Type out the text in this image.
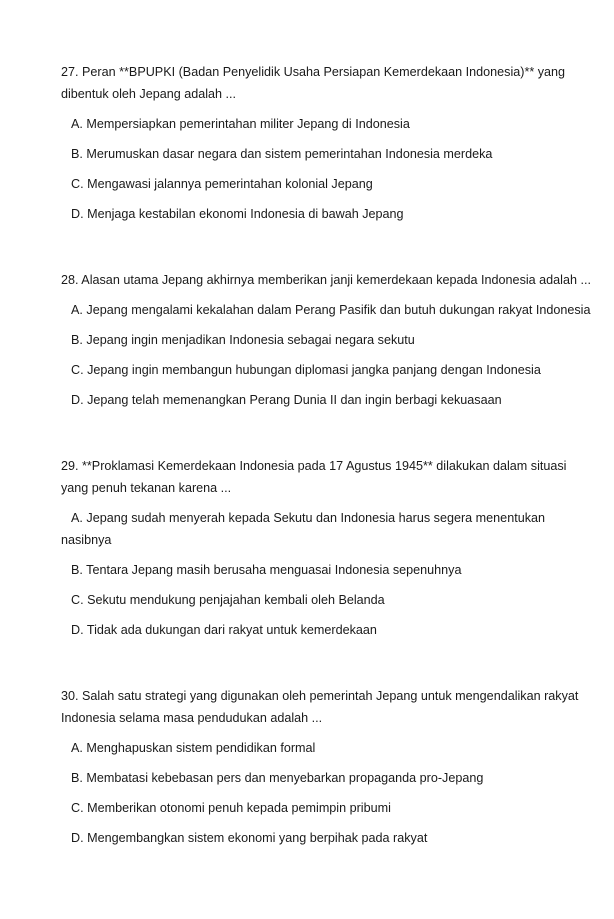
27. Peran **BPUPKI (Badan Penyelidik Usaha Persiapan Kemerdekaan Indonesia)** yang dibentuk oleh Jepang adalah ...

A. Mempersiapkan pemerintahan militer Jepang di Indonesia

B. Merumuskan dasar negara dan sistem pemerintahan Indonesia merdeka

C. Mengawasi jalannya pemerintahan kolonial Jepang

D. Menjaga kestabilan ekonomi Indonesia di bawah Jepang

28. Alasan utama Jepang akhirnya memberikan janji kemerdekaan kepada Indonesia adalah ...

A. Jepang mengalami kekalahan dalam Perang Pasifik dan butuh dukungan rakyat Indonesia

B. Jepang ingin menjadikan Indonesia sebagai negara sekutu

C. Jepang ingin membangun hubungan diplomasi jangka panjang dengan Indonesia

D. Jepang telah memenangkan Perang Dunia II dan ingin berbagi kekuasaan

29. **Proklamasi Kemerdekaan Indonesia pada 17 Agustus 1945** dilakukan dalam situasi yang penuh tekanan karena ...

A. Jepang sudah menyerah kepada Sekutu dan Indonesia harus segera menentukan nasibnya

B. Tentara Jepang masih berusaha menguasai Indonesia sepenuhnya

C. Sekutu mendukung penjajahan kembali oleh Belanda

D. Tidak ada dukungan dari rakyat untuk kemerdekaan

30. Salah satu strategi yang digunakan oleh pemerintah Jepang untuk mengendalikan rakyat Indonesia selama masa pendudukan adalah ...

A. Menghapuskan sistem pendidikan formal

B. Membatasi kebebasan pers dan menyebarkan propaganda pro-Jepang

C. Memberikan otonomi penuh kepada pemimpin pribumi

D. Mengembangkan sistem ekonomi yang berpihak pada rakyat
